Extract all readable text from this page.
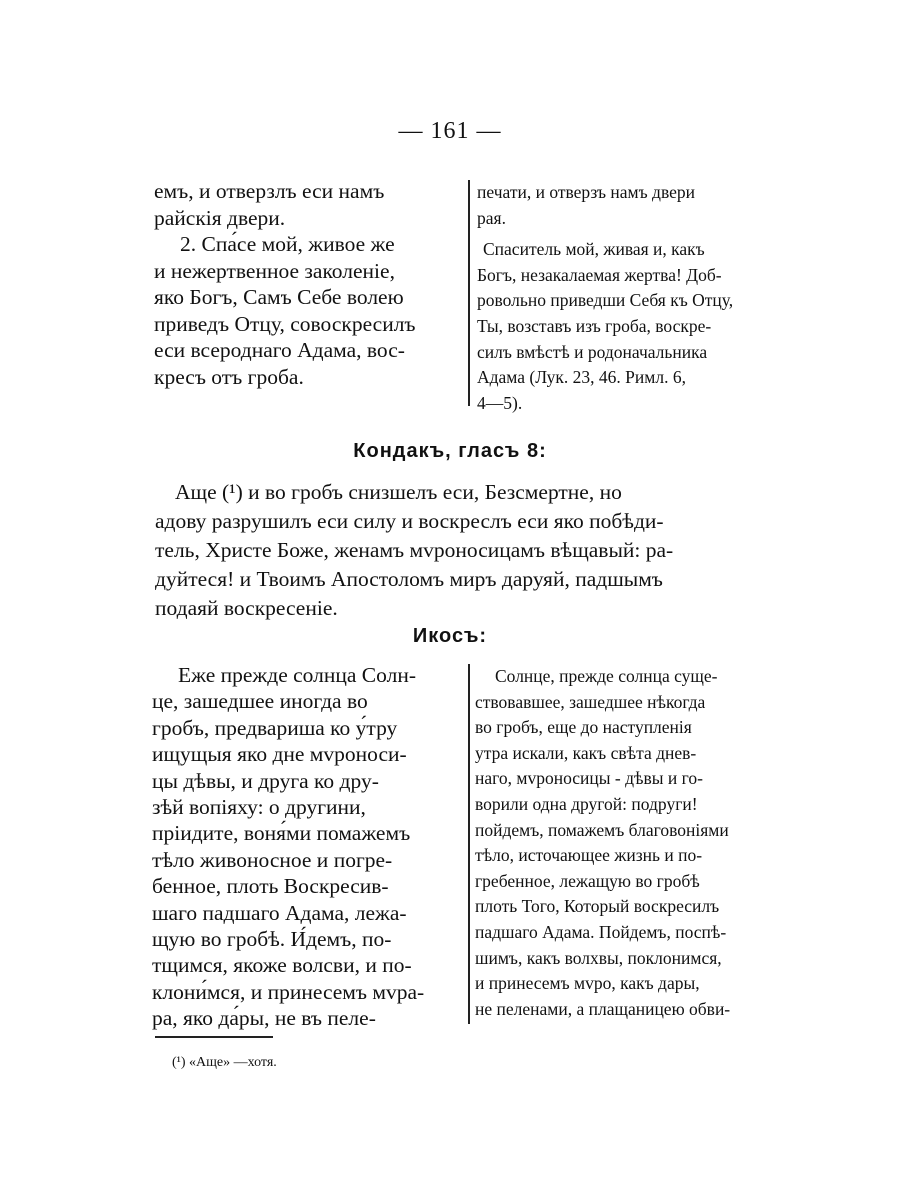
— 161 —

емъ, и отверзлъ еси намъ

райскія двери.

2. Спа́се мой, живое же

и нежертвенное заколеніе,

яко Богъ, Самъ Себе волею

приведъ Отцу, совоскресилъ

еси всероднаго Адама, вос-

кресъ отъ гроба.

печати, и отверзъ намъ двери

рая.

Спаситель мой, живая и, какъ

Богъ, незакалаемая жертва! Доб-

ровольно приведши Себя къ Отцу,

Ты, возставъ изъ гроба, воскре-

силъ вмѣстѣ и родоначальника

Адама (Лук. 23, 46. Римл. 6,

4—5).

Кондакъ, гласъ 8:

Аще (¹) и во гробъ снизшелъ еси, Безсмертне, но

адову разрушилъ еси силу и воскреслъ еси яко побѣди-

тель, Христе Боже, женамъ мvроносицамъ вѣщавый: ра-

дуйтеся! и Твоимъ Апостоломъ миръ даруяй, падшымъ

подаяй воскресеніе.

Икосъ:

Еже прежде солнца Солн-

це, зашедшее иногда во

гробъ, предвариша ко у́тру

ищущыя яко дне мvроноси-

цы дѣвы, и друга ко дру-

зѣй вопіяху: о другини,

пріидите, воня́ми помажемъ

тѣло живоносное и погре-

бенное, плоть Воскресив-

шаго падшаго Адама, лежа-

щую во гробѣ. И́демъ, по-

тщимся, якоже волсви, и по-

клони́мся, и принесемъ мvра-

ра, яко да́ры, не въ пеле-

Солнце, прежде солнца суще-

ствовавшее, зашедшее нѣкогда

во гробъ, еще до наступленія

утра искали, какъ свѣта днев-

наго, мvроносицы - дѣвы и го-

ворили одна другой: подруги!

пойдемъ, помажемъ благовоніями

тѣло, источающее жизнь и по-

гребенное, лежащую во гробѣ

плоть Того, Который воскресилъ

падшаго Адама. Пойдемъ, поспѣ-

шимъ, какъ волхвы, поклонимся,

и принесемъ мvро, какъ дары,

не пеленами, а плащаницею обви-

(¹) «Аще» —хотя.
